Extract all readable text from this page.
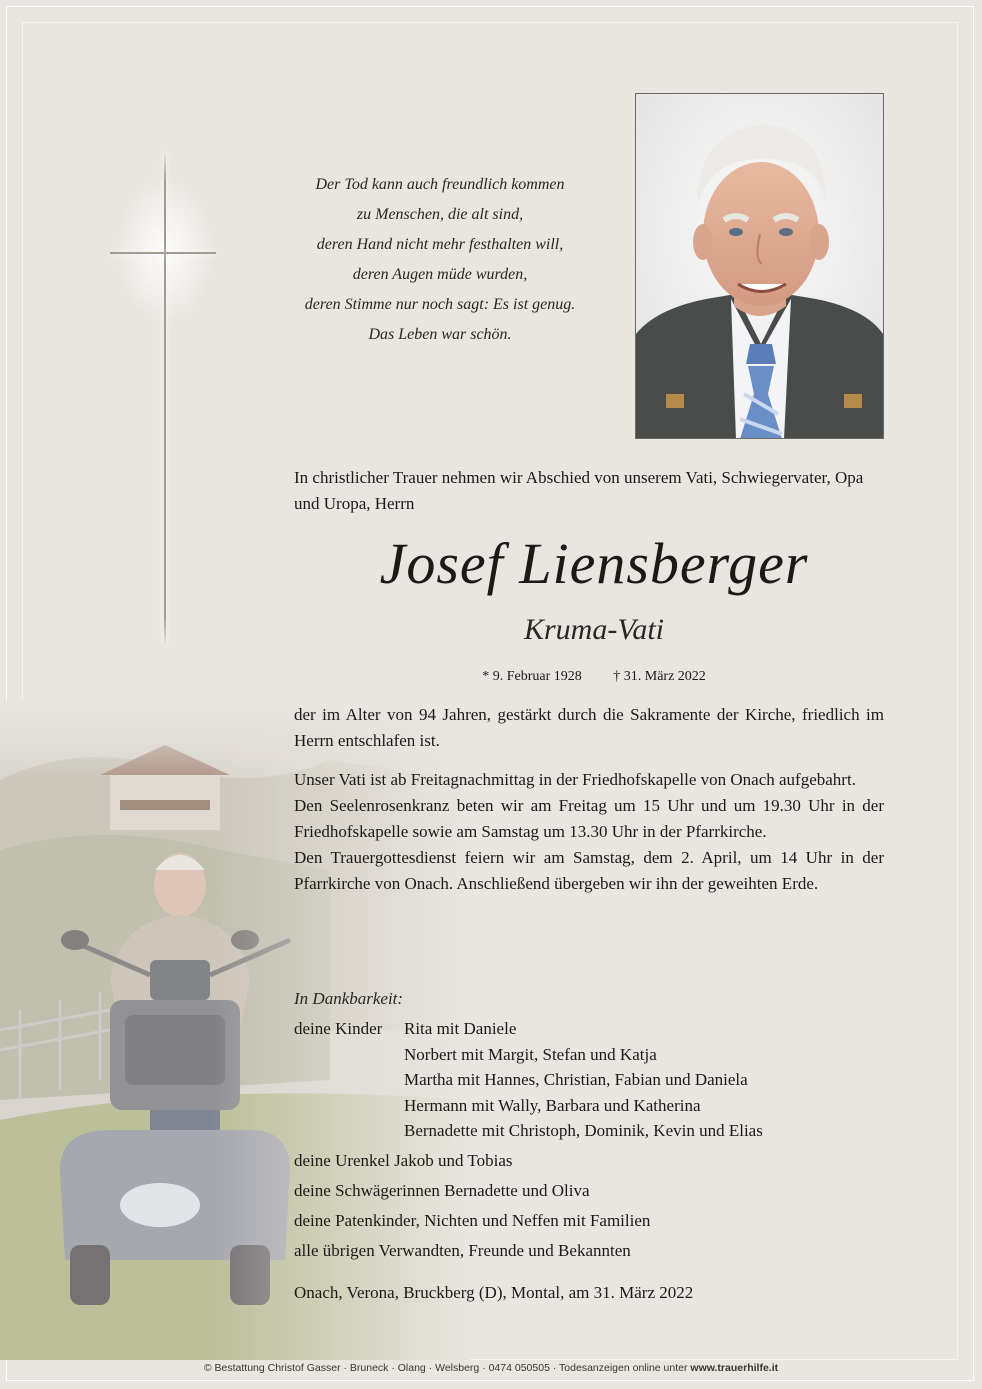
Der Tod kann auch freundlich kommen
zu Menschen, die alt sind,
deren Hand nicht mehr festhalten will,
deren Augen müde wurden,
deren Stimme nur noch sagt: Es ist genug.
Das Leben war schön.
In christlicher Trauer nehmen wir Abschied von unserem Vati, Schwiegervater, Opa und Uropa, Herrn
Josef Liensberger
Kruma-Vati
* 9. Februar 1928 † 31. März 2022
der im Alter von 94 Jahren, gestärkt durch die Sakramente der Kirche, friedlich im Herrn entschlafen ist.
Unser Vati ist ab Freitagnachmittag in der Friedhofskapelle von Onach aufgebahrt.
Den Seelenrosenkranz beten wir am Freitag um 15 Uhr und um 19.30 Uhr in der Friedhofskapelle sowie am Samstag um 13.30 Uhr in der Pfarrkirche.
Den Trauergottesdienst feiern wir am Samstag, dem 2. April, um 14 Uhr in der Pfarrkirche von Onach. Anschließend übergeben wir ihn der geweihten Erde.
In Dankbarkeit:
deine Kinder Rita mit Daniele
Norbert mit Margit, Stefan und Katja
Martha mit Hannes, Christian, Fabian und Daniela
Hermann mit Wally, Barbara und Katherina
Bernadette mit Christoph, Dominik, Kevin und Elias
deine Urenkel Jakob und Tobias
deine Schwägerinnen Bernadette und Oliva
deine Patenkinder, Nichten und Neffen mit Familien
alle übrigen Verwandten, Freunde und Bekannten
Onach, Verona, Bruckberg (D), Montal, am 31. März 2022
© Bestattung Christof Gasser · Bruneck · Olang · Welsberg · 0474 050505 · Todesanzeigen online unter www.trauerhilfe.it
